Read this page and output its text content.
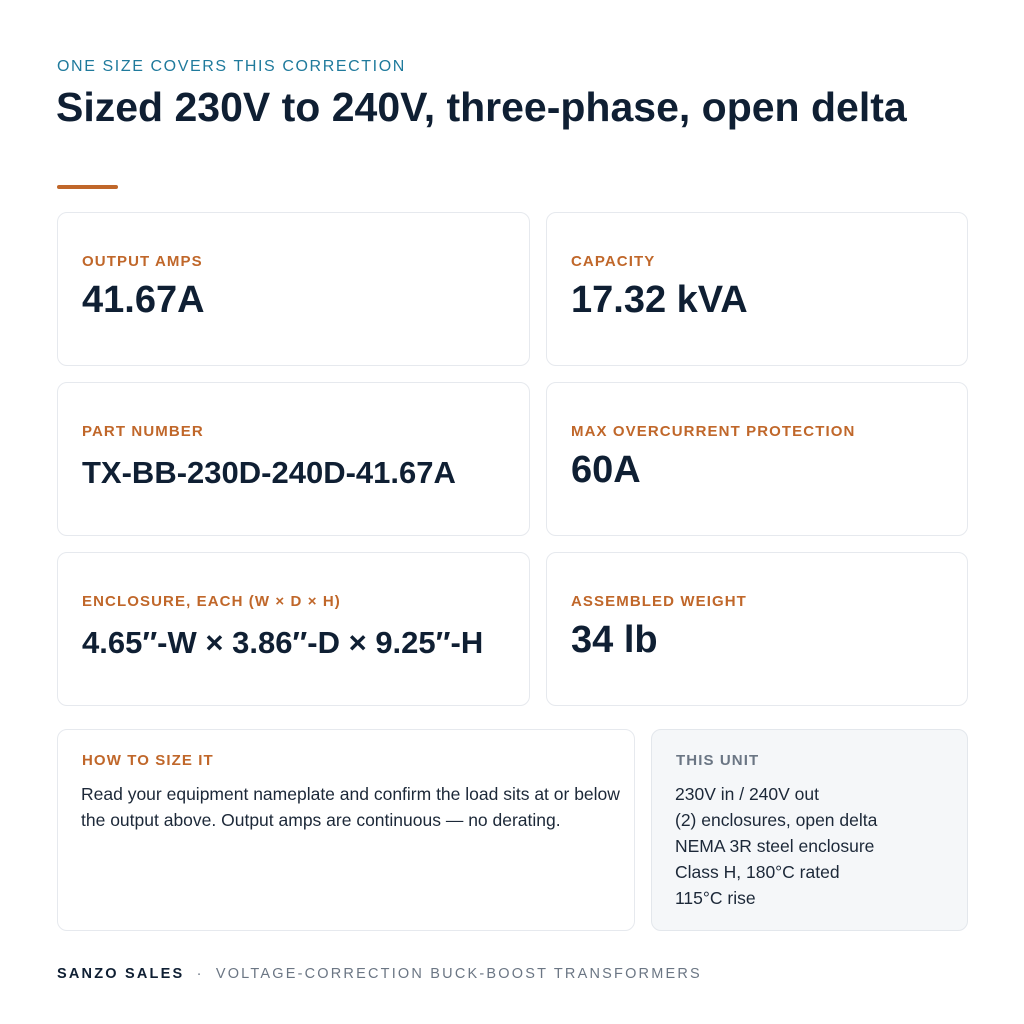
ONE SIZE COVERS THIS CORRECTION
Sized 230V to 240V, three-phase, open delta
OUTPUT AMPS
41.67A
CAPACITY
17.32 kVA
PART NUMBER
TX-BB-230D-240D-41.67A
MAX OVERCURRENT PROTECTION
60A
ENCLOSURE, EACH (W × D × H)
4.65″-W × 3.86″-D × 9.25″-H
ASSEMBLED WEIGHT
34 lb
HOW TO SIZE IT
Read your equipment nameplate and confirm the load sits at or below the output above. Output amps are continuous — no derating.
THIS UNIT
230V in / 240V out
(2) enclosures, open delta
NEMA 3R steel enclosure
Class H, 180°C rated
115°C rise
SANZO SALES · VOLTAGE-CORRECTION BUCK-BOOST TRANSFORMERS
